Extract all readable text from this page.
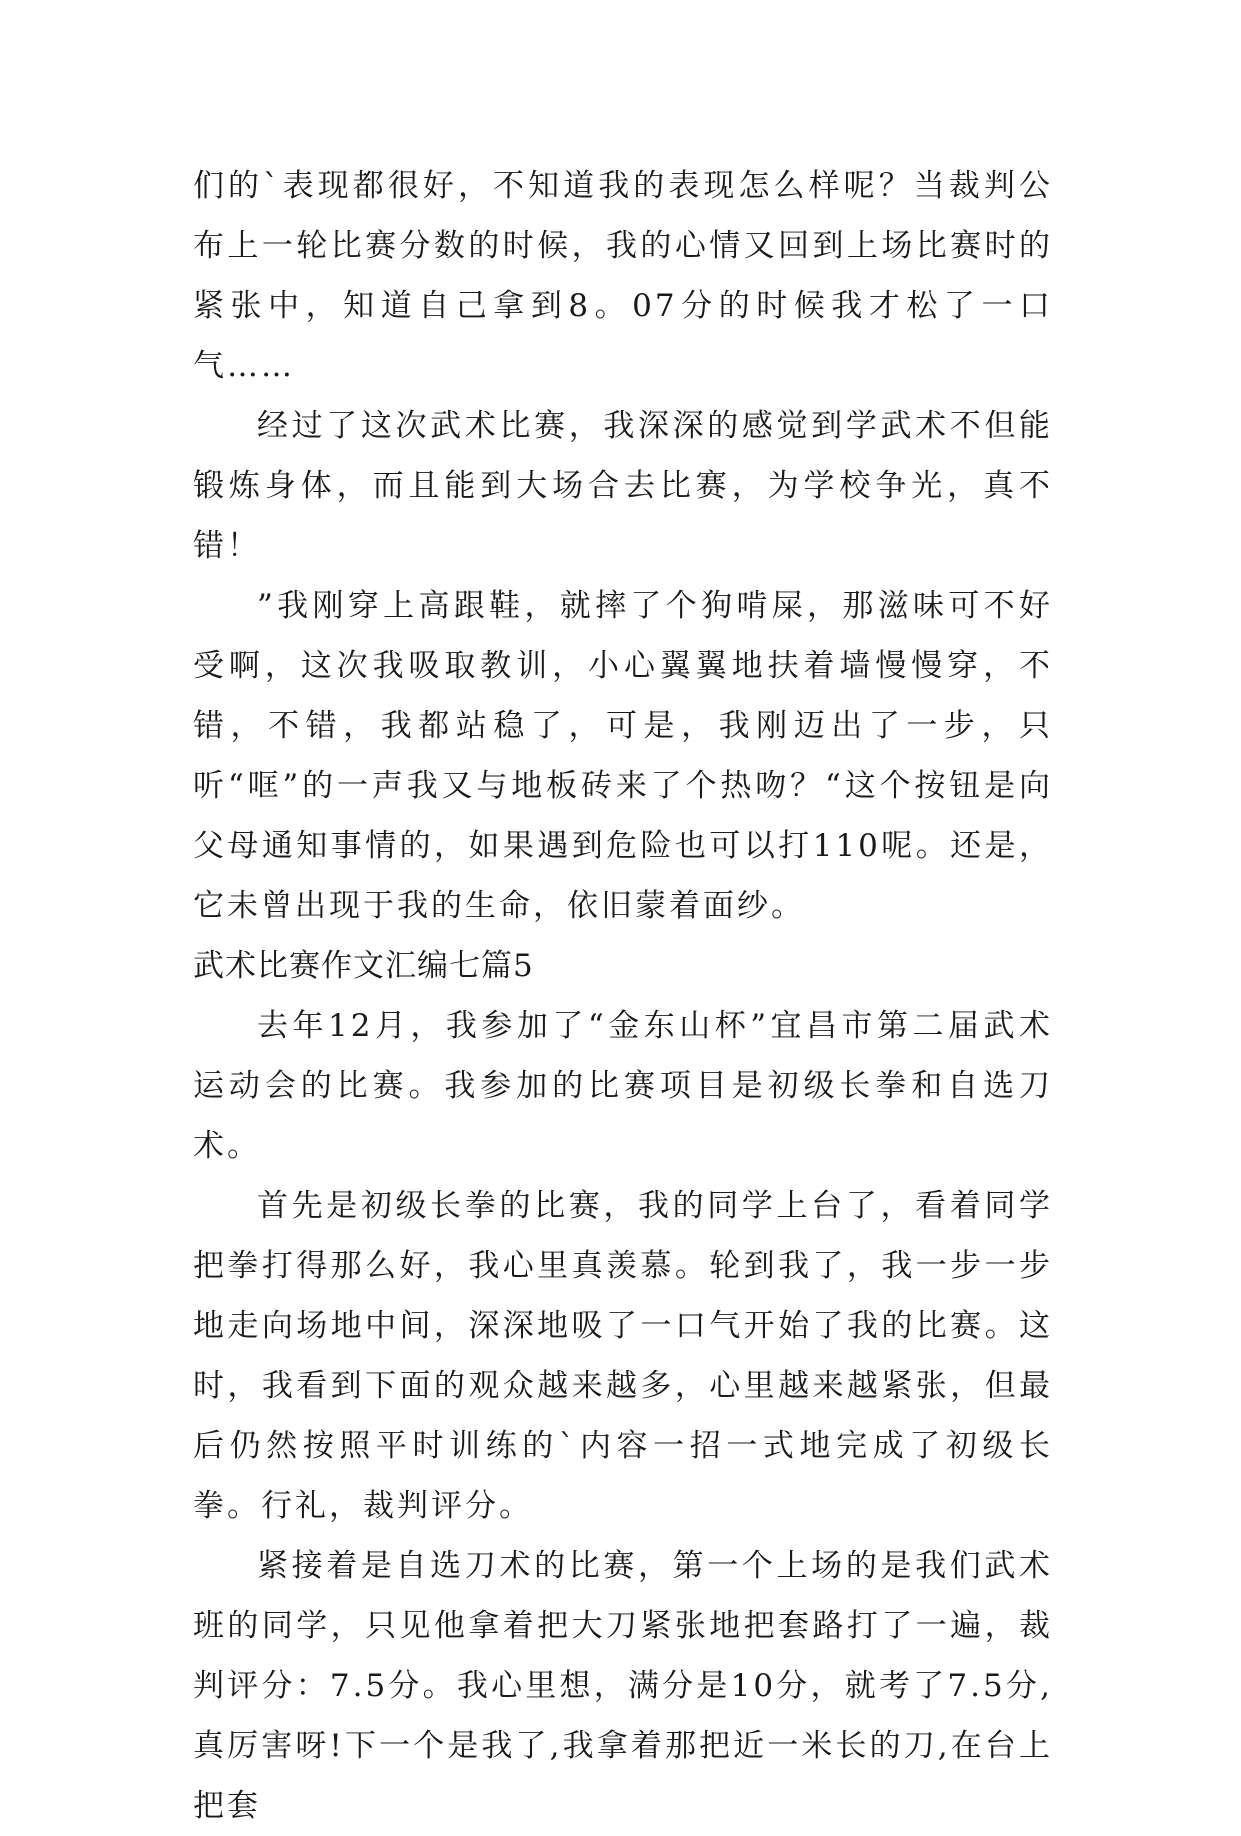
们的`表现都很好，不知道我的表现怎么样呢？当裁判公布上一轮比赛分数的时候，我的心情又回到上场比赛时的紧张中，知道自己拿到8。07分的时候我才松了一口气……

经过了这次武术比赛，我深深的感觉到学武术不但能锻炼身体，而且能到大场合去比赛，为学校争光，真不错！

”我刚穿上高跟鞋，就摔了个狗啃屎，那滋味可不好受啊，这次我吸取教训，小心翼翼地扶着墙慢慢穿，不错，不错，我都站稳了，可是，我刚迈出了一步，只听“哐”的一声我又与地板砖来了个热吻？“这个按钮是向父母通知事情的，如果遇到危险也可以打110呢。还是，它未曾出现于我的生命，依旧蒙着面纱。

武术比赛作文汇编七篇5

去年12月，我参加了“金东山杯”宜昌市第二届武术运动会的比赛。我参加的比赛项目是初级长拳和自选刀术。

首先是初级长拳的比赛，我的同学上台了，看着同学把拳打得那么好，我心里真羡慕。轮到我了，我一步一步地走向场地中间，深深地吸了一口气开始了我的比赛。这时，我看到下面的观众越来越多，心里越来越紧张，但最后仍然按照平时训练的`内容一招一式地完成了初级长拳。行礼，裁判评分。

紧接着是自选刀术的比赛，第一个上场的是我们武术班的同学，只见他拿着把大刀紧张地把套路打了一遍，裁判评分：7.5分。我心里想，满分是10分，就考了7.5分,真厉害呀!下一个是我了,我拿着那把近一米长的刀,在台上把套
